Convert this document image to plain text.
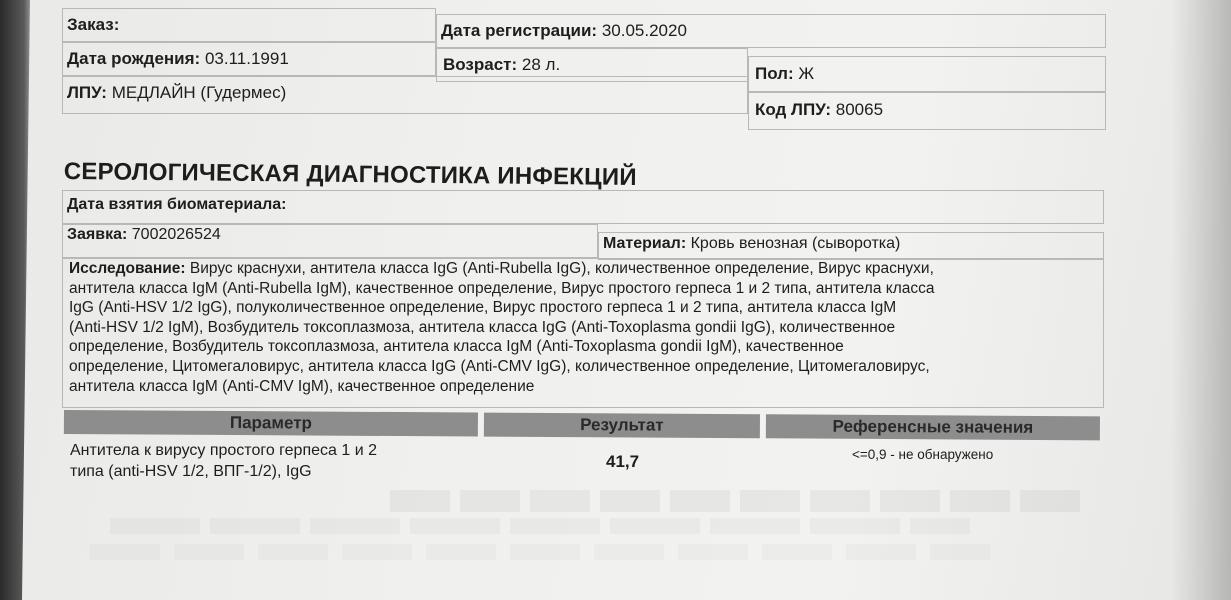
Заказ:	Дата регистрации: 30.05.2020
Дата рождения: 03.11.1991	Возраст: 28 л.	Пол: Ж
ЛПУ: МЕДЛАЙН (Гудермес)
Код ЛПУ: 80065
СЕРОЛОГИЧЕСКАЯ ДИАГНОСТИКА ИНФЕКЦИЙ
Дата взятия биоматериала:
Заявка: 7002026524
Материал: Кровь венозная (сыворотка)

Исследование: Вирус краснухи, антитела класса IgG (Anti-Rubella IgG), количественное определение, Вирус краснухи,

антитела класса IgM (Anti-Rubella IgM), качественное определение, Вирус простого герпеса 1 и 2 типа, антитела класса

IgG (Anti-HSV 1/2 IgG), полуколичественное определение, Вирус простого герпеса 1 и 2 типа, антитела класса IgM

(Anti-HSV 1/2 IgM), Возбудитель токсоплазмоза, антитела класса IgG (Anti-Toxoplasma gondii IgG), количественное

определение, Возбудитель токсоплазмоза, антитела класса IgM (Anti-Toxoplasma gondii IgM), качественное

определение, Цитомегаловирус, антитела класса IgG (Anti-CMV IgG), количественное определение, Цитомегаловирус,

антитела класса IgM (Anti-CMV IgM), качественное определение

Параметр	Результат	Референсные значения
Антитела к вирусу простого герпеса 1 и 2
типа (anti-HSV 1/2, ВПГ-1/2), IgG
41,7	<=0,9 - не обнаружено
